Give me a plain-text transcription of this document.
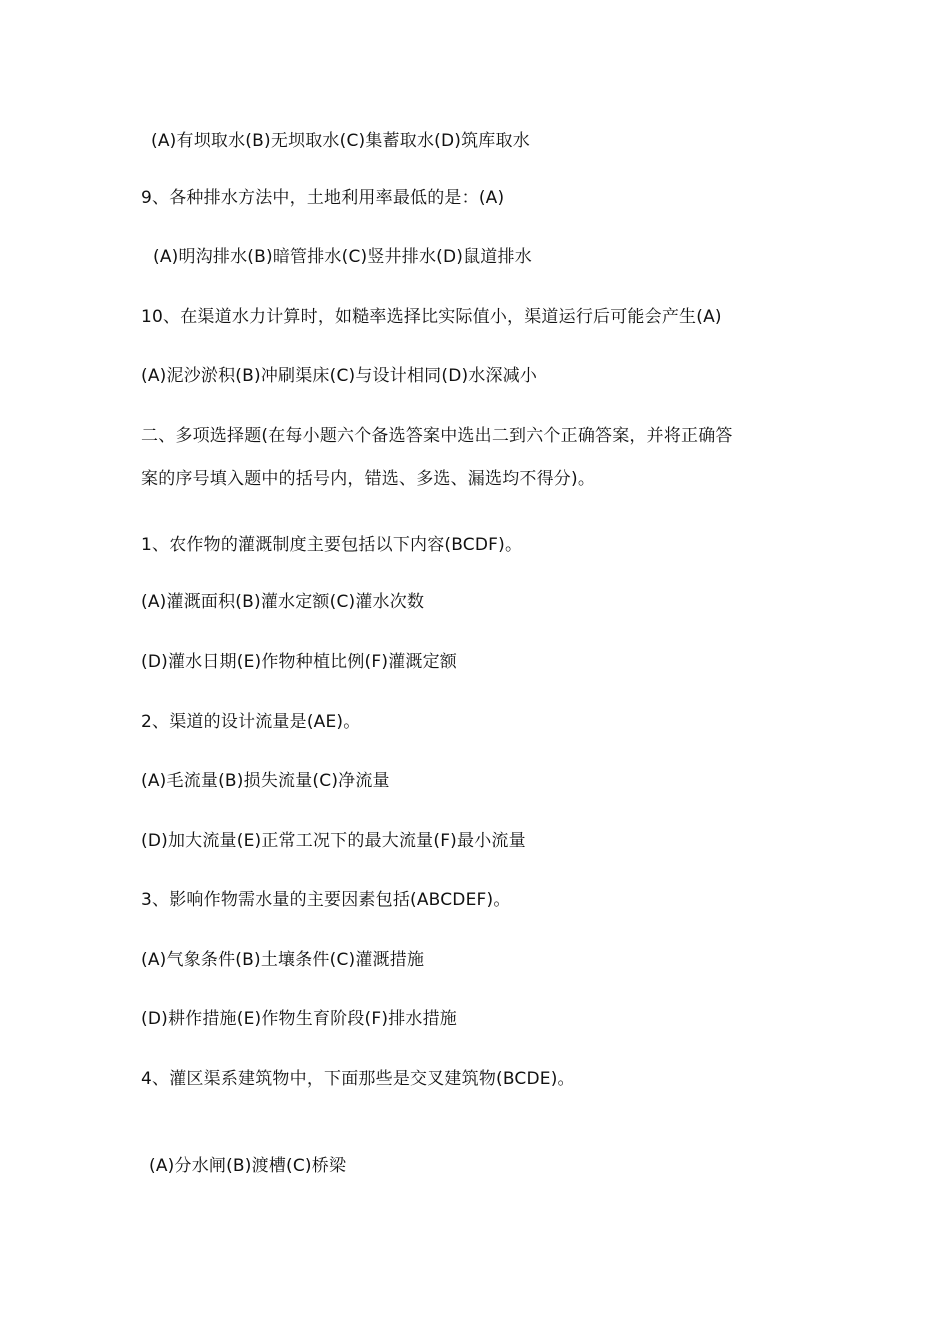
(A)有坝取水(B)无坝取水(C)集蓄取水(D)筑库取水
9、各种排水方法中，土地利用率最低的是：(A)
(A)明沟排水(B)暗管排水(C)竖井排水(D)鼠道排水
10、在渠道水力计算时，如糙率选择比实际值小，渠道运行后可能会产生(A)
(A)泥沙淤积(B)冲刷渠床(C)与设计相同(D)水深减小
二、多项选择题(在每小题六个备选答案中选出二到六个正确答案，并将正确答
案的序号填入题中的括号内，错选、多选、漏选均不得分)。
1、农作物的灌溉制度主要包括以下内容(BCDF)。
(A)灌溉面积(B)灌水定额(C)灌水次数
(D)灌水日期(E)作物种植比例(F)灌溉定额
2、渠道的设计流量是(AE)。
(A)毛流量(B)损失流量(C)净流量
(D)加大流量(E)正常工况下的最大流量(F)最小流量
3、影响作物需水量的主要因素包括(ABCDEF)。
(A)气象条件(B)土壤条件(C)灌溉措施
(D)耕作措施(E)作物生育阶段(F)排水措施
4、灌区渠系建筑物中，下面那些是交叉建筑物(BCDE)。
(A)分水闸(B)渡槽(C)桥梁
